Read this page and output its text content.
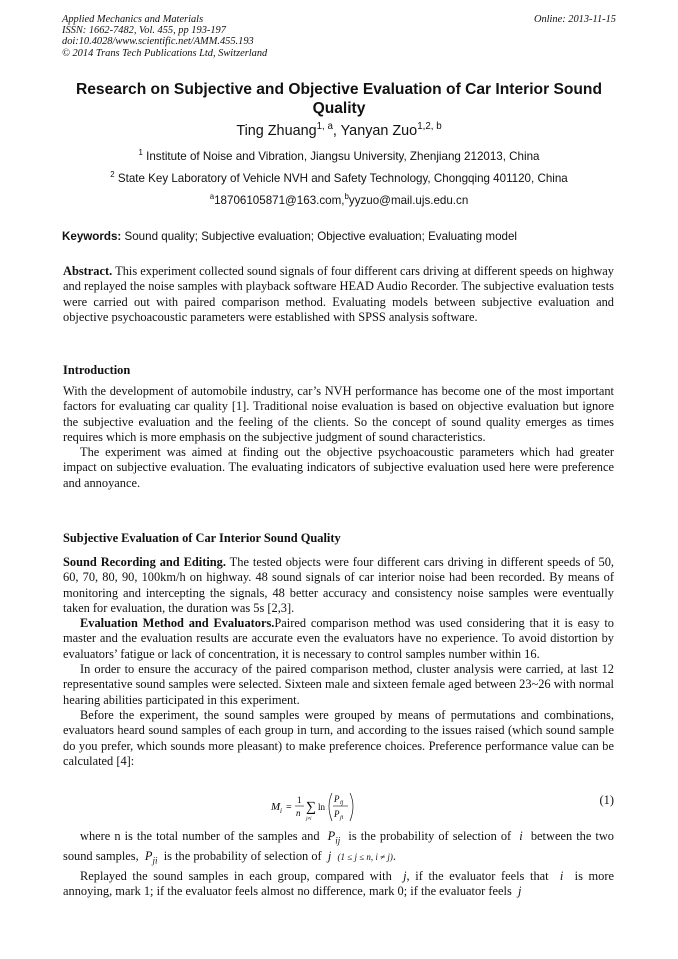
Applied Mechanics and Materials
ISSN: 1662-7482, Vol. 455, pp 193-197
doi:10.4028/www.scientific.net/AMM.455.193
© 2014 Trans Tech Publications Ltd, Switzerland
Online: 2013-11-15
Research on Subjective and Objective Evaluation of Car Interior Sound Quality
Ting Zhuang$^{1, a}$, Yanyan Zuo$^{1,2, b}$
$^1$ Institute of Noise and Vibration, Jiangsu University, Zhenjiang 212013, China
$^2$ State Key Laboratory of Vehicle NVH and Safety Technology, Chongqing 401120, China
$^a$18706105871@163.com,$^b$yyzuo@mail.ujs.edu.cn
Keywords: Sound quality; Subjective evaluation; Objective evaluation; Evaluating model

Abstract. This experiment collected sound signals of four different cars driving at different speeds on highway and replayed the noise samples with playback software HEAD Audio Recorder. The subjective evaluation tests were carried out with paired comparison method. Evaluating models between subjective evaluation and objective psychoacoustic parameters were established with SPSS analysis software.

Introduction

With the development of automobile industry, car’s NVH performance has become one of the most important factors for evaluating car quality [1]. Traditional noise evaluation is based on objective evaluation but ignore the subjective evaluation and the feeling of the clients. So the concept of sound quality emerges as times requires which is more emphasis on the subjective judgment of sound characteristics.

The experiment was aimed at finding out the objective psychoacoustic parameters which had greater impact on subjective evaluation. The evaluating indicators of subjective evaluation used here were preference and annoyance.

Subjective Evaluation of Car Interior Sound Quality

Sound Recording and Editing. The tested objects were four different cars driving in different speeds of 50, 60, 70, 80, 90, 100km/h on highway. 48 sound signals of car interior noise had been recorded. By means of monitoring and intercepting the signals, 48 better accuracy and consistency noise samples were eventually taken for evaluation, the duration was 5s [2,3].

Evaluation Method and Evaluators.Paired comparison method was used considering that it is easy to master and the evaluation results are accurate even the evaluators have no experience. To avoid distortion by evaluators’ fatigue or lack of concentration, it is necessary to control samples number within 16.

In order to ensure the accuracy of the paired comparison method, cluster analysis were carried, at last 12 representative sound samples were selected. Sixteen male and sixteen female aged between 23~26 with normal hearing abilities participated in this experiment.

Before the experiment, the sound samples were grouped by means of permutations and combinations, evaluators heard sound samples of each group in turn, and according to the issues raised (which sound sample do you prefer, which sounds more pleasant) to make preference choices. Preference performance value can be calculated [4]:

M i =
1
n ∑
j≠i
ln
P ij
P ji
(1)

where n is the total number of the samples and $P_{ij}$ is the probability of selection of i between the two sound samples, $P_{ji}$ is the probability of selection of j (1 ≤ j ≤ n, i ≠ j).

Replayed the sound samples in each group, compared with j, if the evaluator feels that i is more annoying, mark 1; if the evaluator feels almost no difference, mark 0; if the evaluator feels j
